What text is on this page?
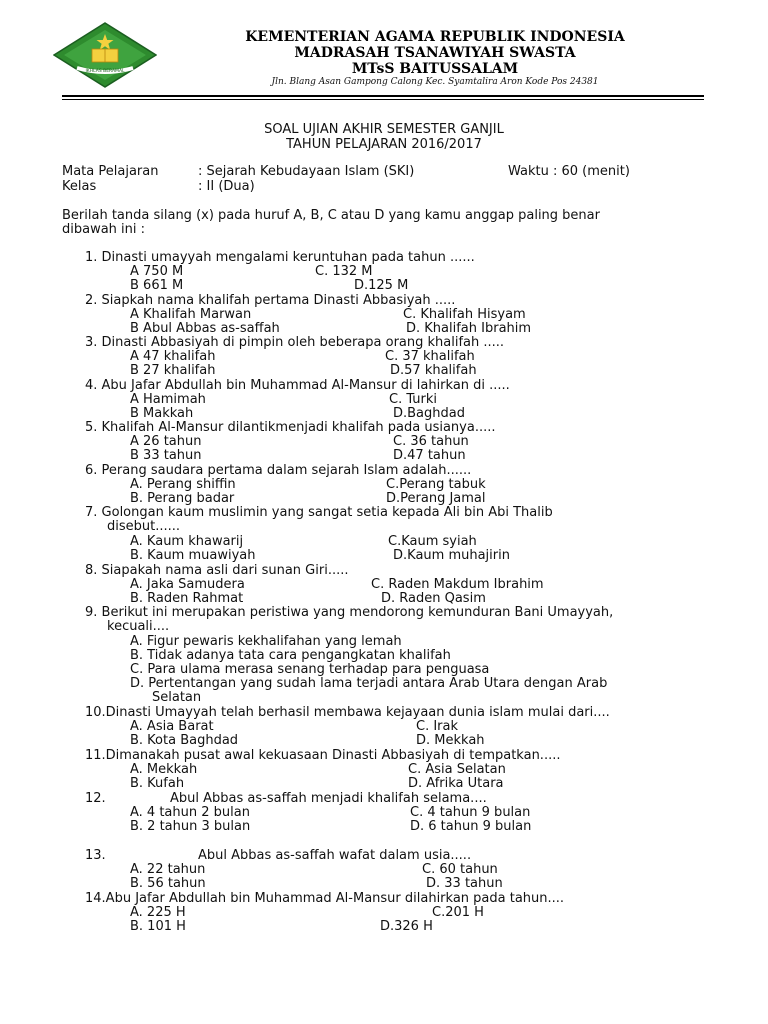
IKHLAS BERAMAL
KEMENTERIAN AGAMA REPUBLIK INDONESIA
MADRASAH TSANAWIYAH SWASTA
MTsS BAITUSSALAM
Jln. Blang Asan Gampong Calong Kec. Syamtalira Aron Kode Pos 24381
SOAL UJIAN AKHIR SEMESTER GANJIL
TAHUN PELAJARAN 2016/2017
Mata Pelajaran	: Sejarah Kebudayaan Islam (SKI)	Waktu : 60 (menit)
Kelas	: II (Dua)
Berilah tanda silang (x) pada huruf A, B, C atau D yang kamu anggap paling benar
dibawah ini :
1. Dinasti umayyah mengalami keruntuhan pada tahun ......
A 750 M	C. 132 M
B 661 M	D.125 M
2. Siapkah nama khalifah pertama Dinasti Abbasiyah .....
A Khalifah Marwan	C. Khalifah Hisyam
B Abul Abbas as-saffah	D. Khalifah Ibrahim
3. Dinasti Abbasiyah di pimpin oleh beberapa orang khalifah .....
A 47 khalifah	C. 37 khalifah
B 27 khalifah	D.57 khalifah
4. Abu Jafar Abdullah bin Muhammad Al-Mansur di lahirkan di .....
A Hamimah	C. Turki
B Makkah	D.Baghdad
5. Khalifah Al-Mansur dilantikmenjadi khalifah pada usianya.....
A 26 tahun	C. 36 tahun
B 33 tahun	D.47 tahun
6. Perang saudara pertama dalam sejarah Islam adalah......
A. Perang shiffin	C.Perang tabuk
B. Perang badar	D.Perang Jamal
7. Golongan kaum muslimin yang sangat setia kepada Ali bin Abi Thalib
disebut......
A. Kaum khawarij	C.Kaum syiah
B. Kaum muawiyah	D.Kaum muhajirin
8. Siapakah nama asli dari sunan Giri.....
A. Jaka Samudera	C. Raden Makdum Ibrahim
B. Raden Rahmat	D. Raden Qasim
9. Berikut ini merupakan peristiwa yang mendorong kemunduran Bani Umayyah,
kecuali....
A. Figur pewaris kekhalifahan yang lemah
B. Tidak adanya tata cara pengangkatan khalifah
C. Para ulama merasa senang terhadap para penguasa
D. Pertentangan yang sudah lama terjadi antara Arab Utara dengan Arab
Selatan
10.Dinasti Umayyah telah berhasil membawa kejayaan dunia islam mulai dari....
A. Asia Barat	C. Irak
B. Kota Baghdad	D. Mekkah
11.Dimanakah pusat awal kekuasaan Dinasti Abbasiyah di tempatkan.....
A. Mekkah	C. Asia Selatan
B. Kufah	D. Afrika Utara
12.	Abul Abbas as-saffah menjadi khalifah selama....
A. 4 tahun 2 bulan	C. 4 tahun 9 bulan
B. 2 tahun 3 bulan	D. 6 tahun 9 bulan
13.	Abul Abbas as-saffah wafat dalam usia.....
A. 22 tahun	C. 60 tahun
B. 56 tahun	D. 33 tahun
14.Abu Jafar Abdullah bin Muhammad Al-Mansur dilahirkan pada tahun....
A. 225 H	C.201 H
B. 101 H	D.326 H
